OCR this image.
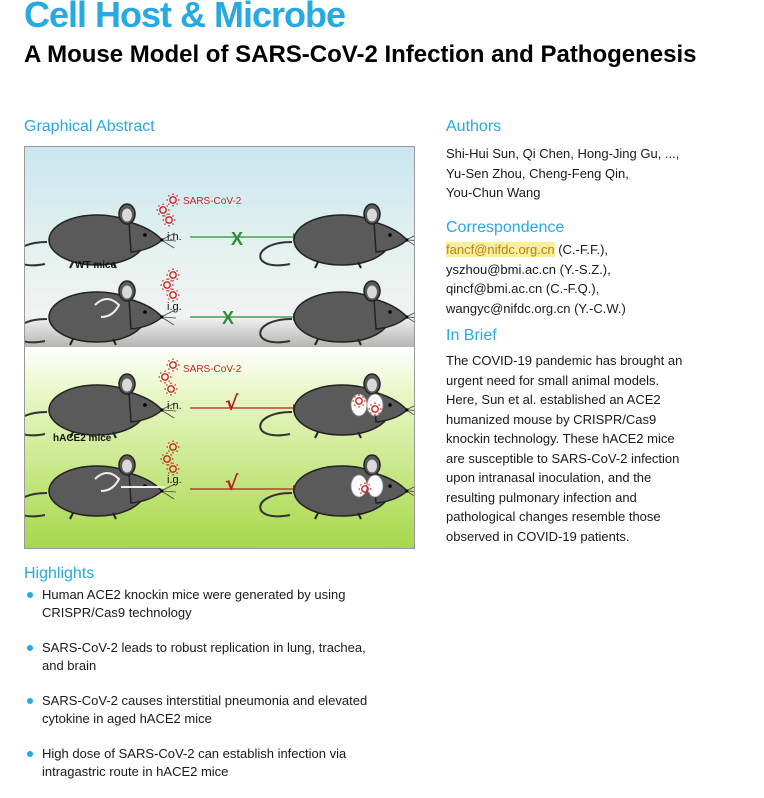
Cell Host & Microbe
A Mouse Model of SARS-CoV-2 Infection and Pathogenesis
Graphical Abstract
SARS-CoV-2
i.n.	X
WT mice
i.g.
X
SARS-CoV-2
i.n. √
hACE2 mice
i.g. √
Authors
Shi-Hui Sun, Qi Chen, Hong-Jing Gu, ...,
Yu-Sen Zhou, Cheng-Feng Qin,
You-Chun Wang
Correspondence
fancf@nifdc.org.cn (C.-F.F.),
yszhou@bmi.ac.cn (Y.-S.Z.),
qincf@bmi.ac.cn (C.-F.Q.),
wangyc@nifdc.org.cn (Y.-C.W.)
In Brief
The COVID-19 pandemic has brought an
urgent need for small animal models.
Here, Sun et al. established an ACE2
humanized mouse by CRISPR/Cas9
knockin technology. These hACE2 mice
are susceptible to SARS-CoV-2 infection
upon intranasal inoculation, and the
resulting pulmonary infection and
pathological changes resemble those
observed in COVID-19 patients.
Highlights
Human ACE2 knockin mice were generated by using
CRISPR/Cas9 technology
SARS-CoV-2 leads to robust replication in lung, trachea,
and brain
SARS-CoV-2 causes interstitial pneumonia and elevated
cytokine in aged hACE2 mice
High dose of SARS-CoV-2 can establish infection via
intragastric route in hACE2 mice
